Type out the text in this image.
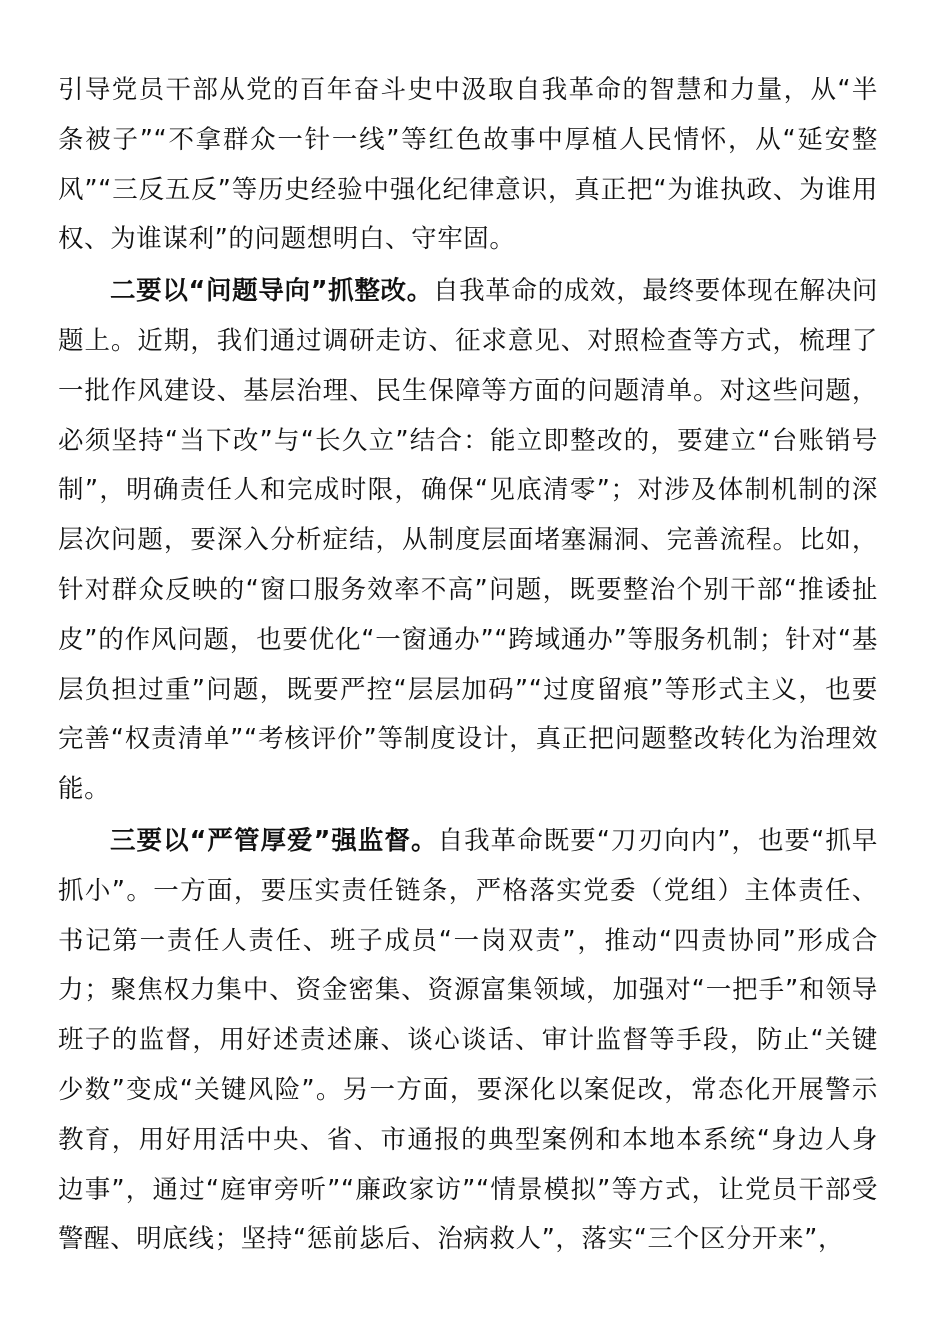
引导党员干部从党的百年奋斗史中汲取自我革命的智慧和力量，从“半条被子”“不拿群众一针一线”等红色故事中厚植人民情怀，从“延安整风”“三反五反”等历史经验中强化纪律意识，真正把“为谁执政、为谁用权、为谁谋利”的问题想明白、守牢固。

二要以“问题导向”抓整改。自我革命的成效，最终要体现在解决问题上。近期，我们通过调研走访、征求意见、对照检查等方式，梳理了一批作风建设、基层治理、民生保障等方面的问题清单。对这些问题，必须坚持“当下改”与“长久立”结合：能立即整改的，要建立“台账销号制”，明确责任人和完成时限，确保“见底清零”；对涉及体制机制的深层次问题，要深入分析症结，从制度层面堵塞漏洞、完善流程。比如，针对群众反映的“窗口服务效率不高”问题，既要整治个别干部“推诿扯皮”的作风问题，也要优化“一窗通办”“跨域通办”等服务机制；针对“基层负担过重”问题，既要严控“层层加码”“过度留痕”等形式主义，也要完善“权责清单”“考核评价”等制度设计，真正把问题整改转化为治理效能。

三要以“严管厚爱”强监督。自我革命既要“刀刃向内”，也要“抓早抓小”。一方面，要压实责任链条，严格落实党委（党组）主体责任、书记第一责任人责任、班子成员“一岗双责”，推动“四责协同”形成合力；聚焦权力集中、资金密集、资源富集领域，加强对“一把手”和领导班子的监督，用好述责述廉、谈心谈话、审计监督等手段，防止“关键少数”变成“关键风险”。另一方面，要深化以案促改，常态化开展警示教育，用好用活中央、省、市通报的典型案例和本地本系统“身边人身边事”，通过“庭审旁听”“廉政家访”“情景模拟”等方式，让党员干部受警醒、明底线；坚持“惩前毖后、治病救人”，落实“三个区分开来”，
